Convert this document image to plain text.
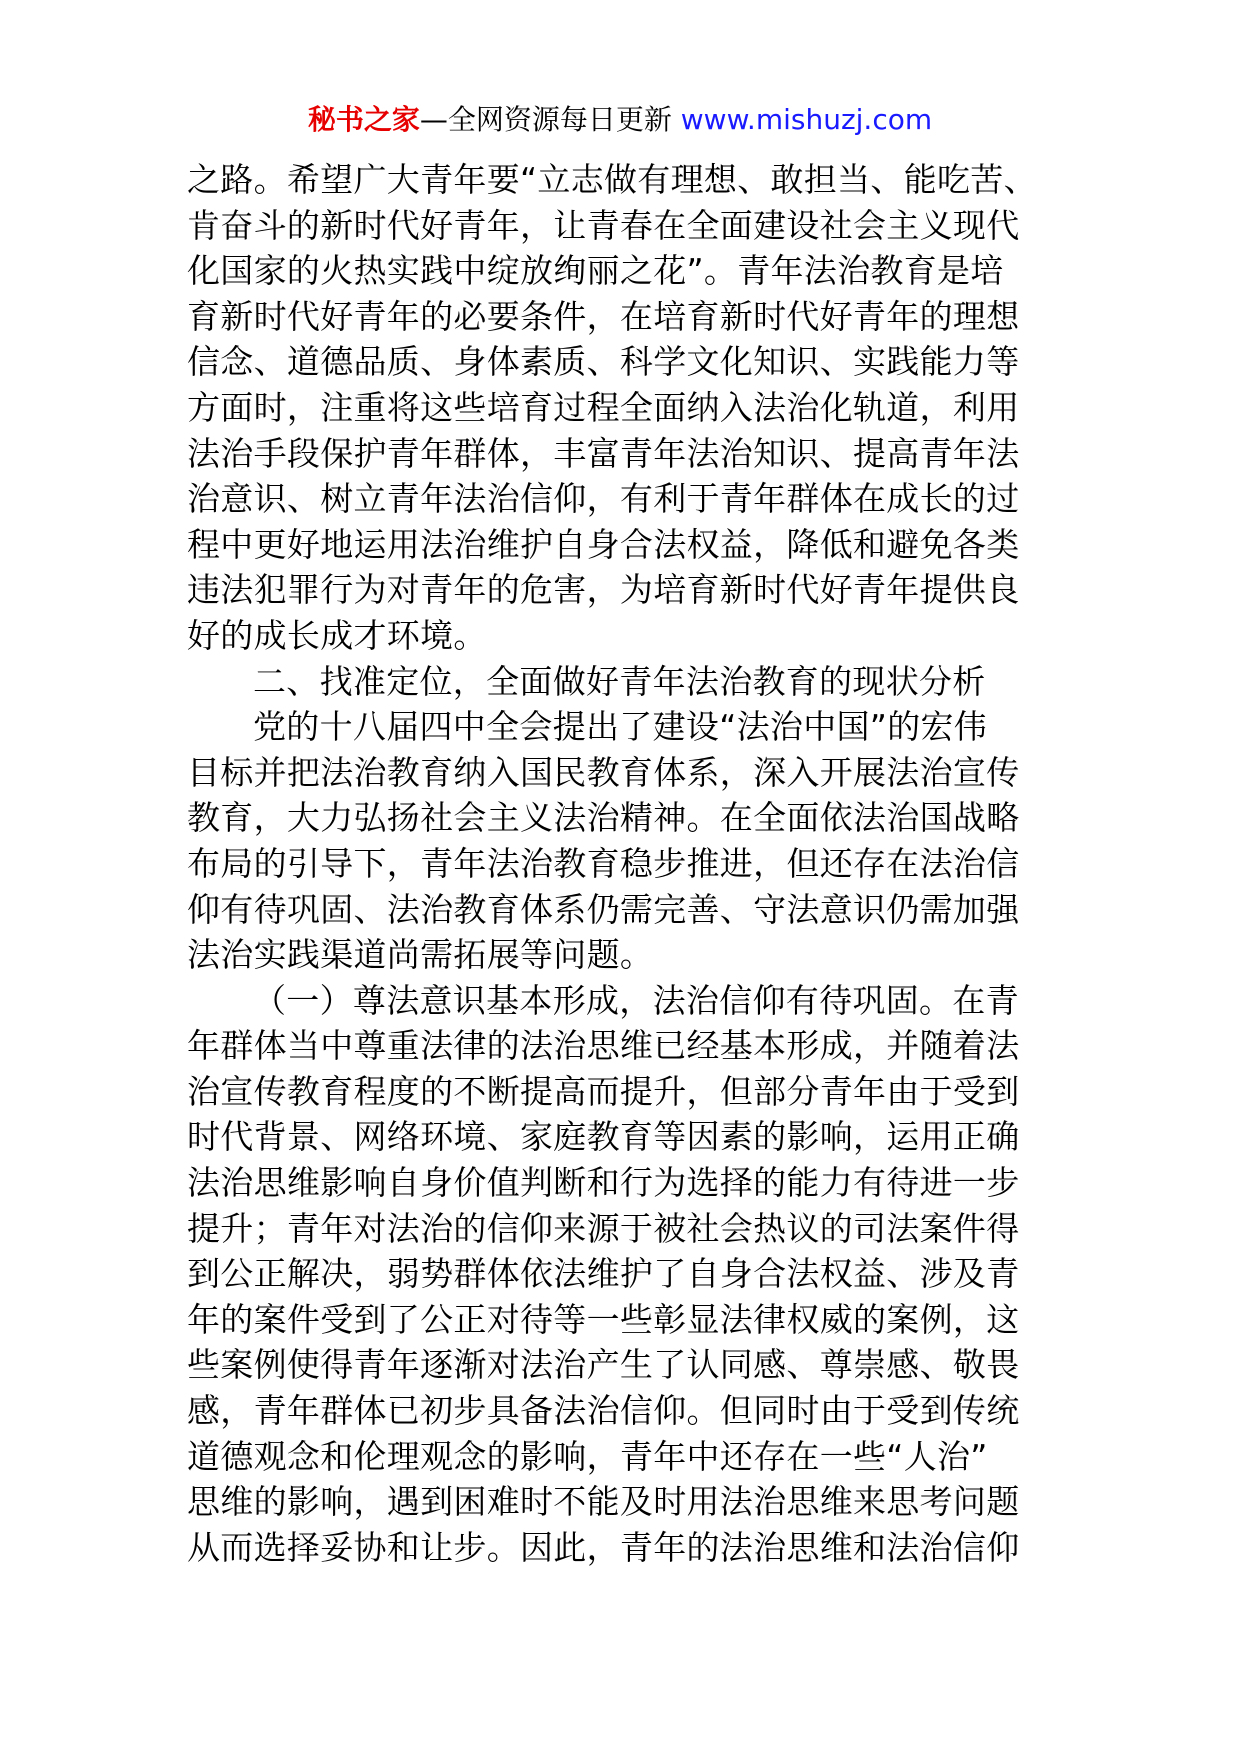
秘书之家—全网资源每日更新 www.mishuzj.com
之路。希望广大青年要“立志做有理想、敢担当、能吃苦、
肯奋斗的新时代好青年，让青春在全面建设社会主义现代
化国家的火热实践中绽放绚丽之花”。青年法治教育是培
育新时代好青年的必要条件，在培育新时代好青年的理想
信念、道德品质、身体素质、科学文化知识、实践能力等
方面时，注重将这些培育过程全面纳入法治化轨道，利用
法治手段保护青年群体，丰富青年法治知识、提高青年法
治意识、树立青年法治信仰，有利于青年群体在成长的过
程中更好地运用法治维护自身合法权益，降低和避免各类
违法犯罪行为对青年的危害，为培育新时代好青年提供良
好的成长成才环境。
二、找准定位，全面做好青年法治教育的现状分析
党的十八届四中全会提出了建设“法治中国”的宏伟
目标并把法治教育纳入国民教育体系，深入开展法治宣传
教育，大力弘扬社会主义法治精神。在全面依法治国战略
布局的引导下，青年法治教育稳步推进，但还存在法治信
仰有待巩固、法治教育体系仍需完善、守法意识仍需加强
法治实践渠道尚需拓展等问题。
（一）尊法意识基本形成，法治信仰有待巩固。在青
年群体当中尊重法律的法治思维已经基本形成，并随着法
治宣传教育程度的不断提高而提升，但部分青年由于受到
时代背景、网络环境、家庭教育等因素的影响，运用正确
法治思维影响自身价值判断和行为选择的能力有待进一步
提升；青年对法治的信仰来源于被社会热议的司法案件得
到公正解决，弱势群体依法维护了自身合法权益、涉及青
年的案件受到了公正对待等一些彰显法律权威的案例，这
些案例使得青年逐渐对法治产生了认同感、尊崇感、敬畏
感，青年群体已初步具备法治信仰。但同时由于受到传统
道德观念和伦理观念的影响，青年中还存在一些“人治”
思维的影响，遇到困难时不能及时用法治思维来思考问题
从而选择妥协和让步。因此，青年的法治思维和法治信仰
